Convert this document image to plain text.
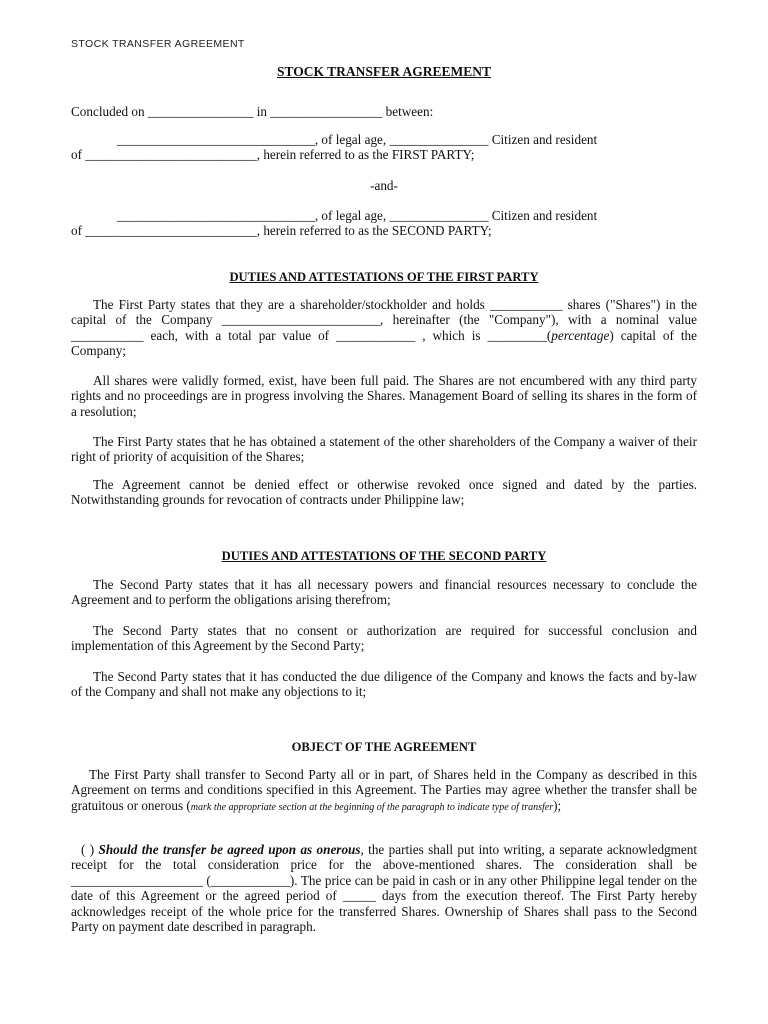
STOCK TRANSFER AGREEMENT
STOCK TRANSFER AGREEMENT
Concluded on ________________ in _________________ between:
______________________________, of legal age, _______________ Citizen and resident
of __________________________, herein referred to as the FIRST PARTY;
-and-
______________________________, of legal age, _______________ Citizen and resident
of __________________________, herein referred to as the SECOND PARTY;
DUTIES AND ATTESTATIONS OF THE FIRST PARTY
The First Party states that they are a shareholder/stockholder and holds ___________ shares ("Shares") in the capital of the Company ________________________, hereinafter (the "Company"), with a nominal value ___________ each, with a total par value of ____________ , which is _________(percentage) capital of the Company;
All shares were validly formed, exist, have been full paid. The Shares are not encumbered with any third party rights and no proceedings are in progress involving the Shares. Management Board of selling its shares in the form of a resolution;
The First Party states that he has obtained a statement of the other shareholders of the Company a waiver of their right of priority of acquisition of the Shares;
The Agreement cannot be denied effect or otherwise revoked once signed and dated by the parties. Notwithstanding grounds for revocation of contracts under Philippine law;
DUTIES AND ATTESTATIONS OF THE SECOND PARTY
The Second Party states that it has all necessary powers and financial resources necessary to conclude the Agreement and to perform the obligations arising therefrom;
The Second Party states that no consent or authorization are required for successful conclusion and implementation of this Agreement by the Second Party;
The Second Party states that it has conducted the due diligence of the Company and knows the facts and by-law of the Company and shall not make any objections to it;
OBJECT OF THE AGREEMENT
The First Party shall transfer to Second Party all or in part, of Shares held in the Company as described in this Agreement on terms and conditions specified in this Agreement. The Parties may agree whether the transfer shall be gratuitous or onerous (mark the appropriate section at the beginning of the paragraph to indicate type of transfer);
( ) Should the transfer be agreed upon as onerous, the parties shall put into writing, a separate acknowledgment receipt for the total consideration price for the above-mentioned shares. The consideration shall be ____________________ (____________). The price can be paid in cash or in any other Philippine legal tender on the date of this Agreement or the agreed period of _____ days from the execution thereof. The First Party hereby acknowledges receipt of the whole price for the transferred Shares. Ownership of Shares shall pass to the Second Party on payment date described in paragraph.
